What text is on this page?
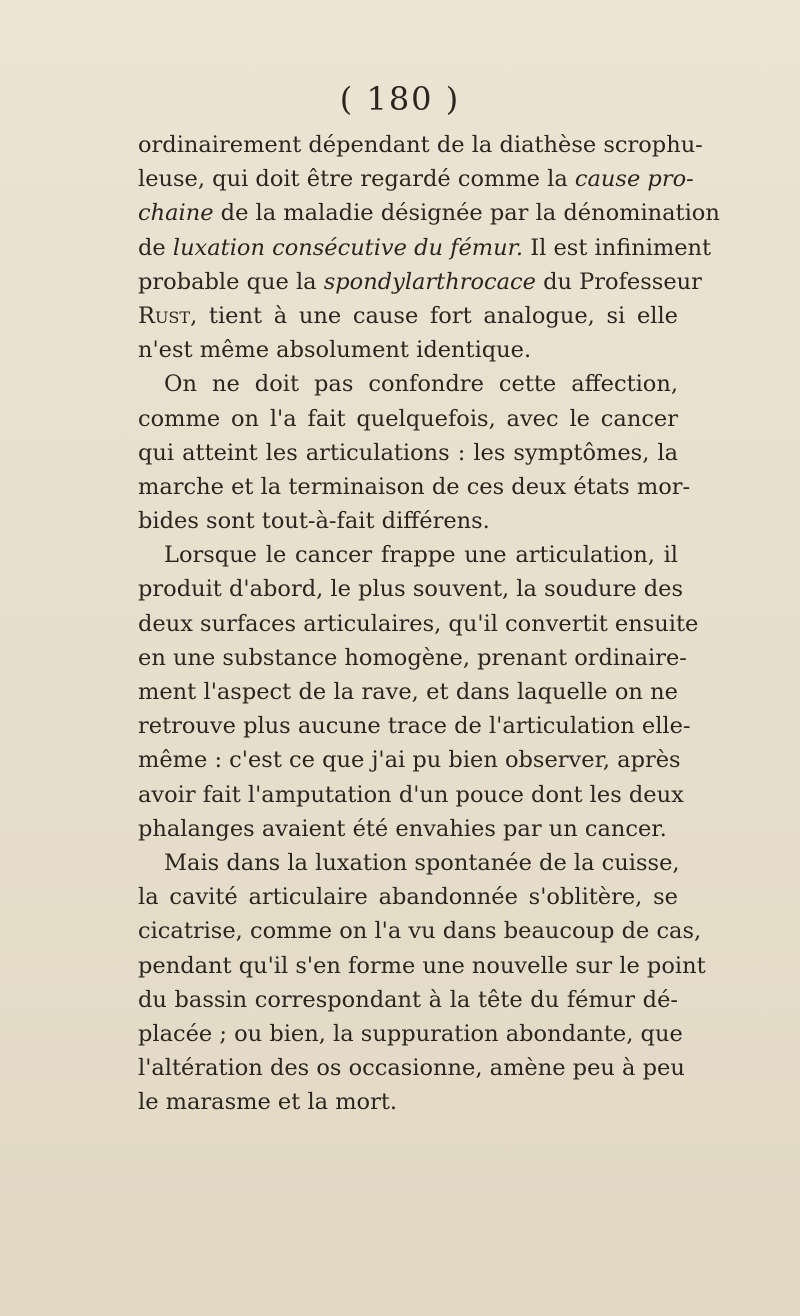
( 180 )
ordinairement dépendant de la diathèse scrophu-
leuse, qui doit être regardé comme la cause pro-
chaine de la maladie désignée par la dénomination
de luxation consécutive du fémur. Il est infiniment
probable que la spondylarthrocace du Professeur
Rust, tient à une cause fort analogue, si elle
n'est même absolument identique.
On ne doit pas confondre cette affection,
comme on l'a fait quelquefois, avec le cancer
qui atteint les articulations : les symptômes, la
marche et la terminaison de ces deux états mor-
bides sont tout-à-fait différens.
Lorsque le cancer frappe une articulation, il
produit d'abord, le plus souvent, la soudure des
deux surfaces articulaires, qu'il convertit ensuite
en une substance homogène, prenant ordinaire-
ment l'aspect de la rave, et dans laquelle on ne
retrouve plus aucune trace de l'articulation elle-
même : c'est ce que j'ai pu bien observer, après
avoir fait l'amputation d'un pouce dont les deux
phalanges avaient été envahies par un cancer.
Mais dans la luxation spontanée de la cuisse,
la cavité articulaire abandonnée s'oblitère, se
cicatrise, comme on l'a vu dans beaucoup de cas,
pendant qu'il s'en forme une nouvelle sur le point
du bassin correspondant à la tête du fémur dé-
placée ; ou bien, la suppuration abondante, que
l'altération des os occasionne, amène peu à peu
le marasme et la mort.
